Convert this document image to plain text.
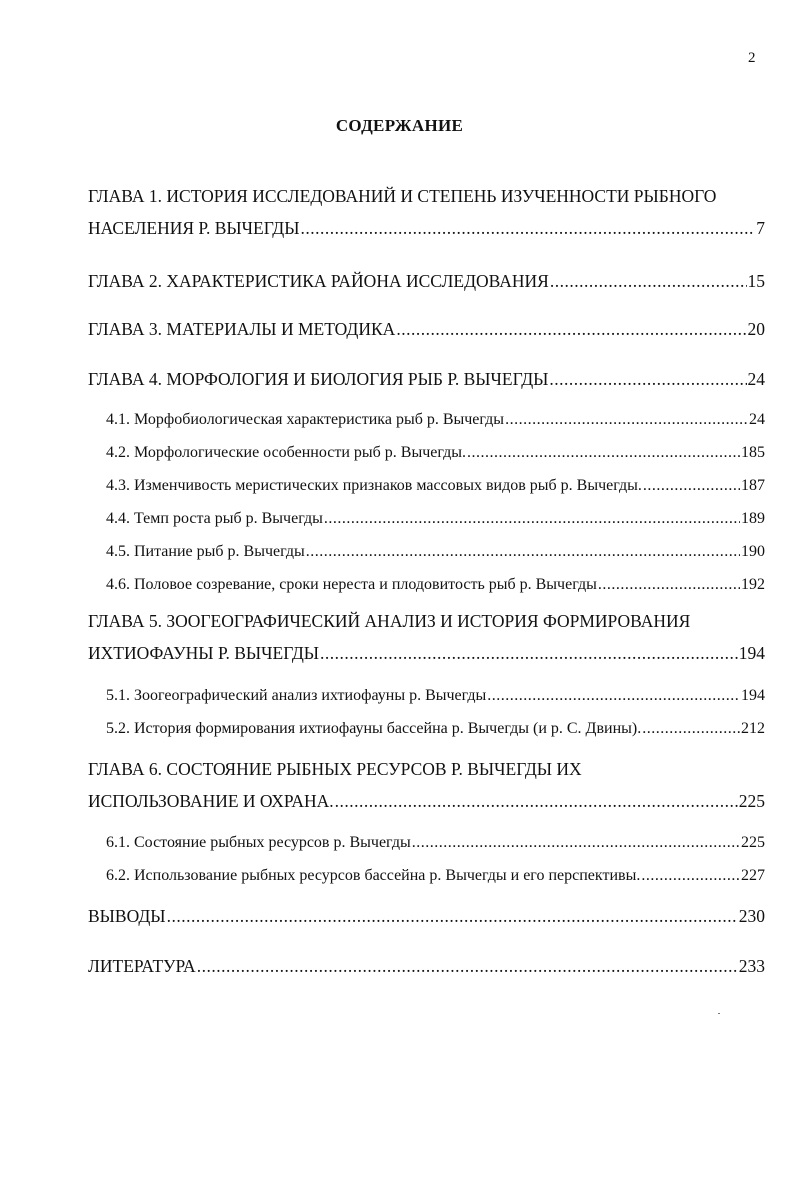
2
СОДЕРЖАНИЕ
ГЛАВА 1. ИСТОРИЯ ИССЛЕДОВАНИЙ И СТЕПЕНЬ ИЗУЧЕННОСТИ РЫБНОГО
НАСЕЛЕНИЯ Р. ВЫЧЕГДЫ .....	7
ГЛАВА 2. ХАРАКТЕРИСТИКА РАЙОНА ИССЛЕДОВАНИЯ .....	15
ГЛАВА 3. МАТЕРИАЛЫ И МЕТОДИКА .....	20
ГЛАВА 4. МОРФОЛОГИЯ И БИОЛОГИЯ РЫБ Р. ВЫЧЕГДЫ .....	24
4.1. Морфобиологическая характеристика рыб р. Вычегды .....	24
4.2. Морфологические особенности рыб р. Вычегды. .....	185
4.3. Изменчивость меристических признаков массовых видов рыб р. Вычегды. .....	187
4.4. Темп роста рыб р. Вычегды .....	189
4.5. Питание рыб р. Вычегды .....	190
4.6. Половое созревание, сроки нереста и плодовитость рыб р. Вычегды .....	192
ГЛАВА 5. ЗООГЕОГРАФИЧЕСКИЙ АНАЛИЗ И ИСТОРИЯ ФОРМИРОВАНИЯ
ИХТИОФАУНЫ Р. ВЫЧЕГДЫ .....	194
5.1. Зоогеографический анализ ихтиофауны р. Вычегды .....	194
5.2. История формирования ихтиофауны бассейна р. Вычегды (и р. С. Двины). .....	212
ГЛАВА 6. СОСТОЯНИЕ РЫБНЫХ РЕСУРСОВ Р. ВЫЧЕГДЫ ИХ
ИСПОЛЬЗОВАНИЕ И ОХРАНА. .....	225
6.1. Состояние рыбных ресурсов р. Вычегды .....	225
6.2. Использование рыбных ресурсов бассейна р. Вычегды и его перспективы. .....	227
ВЫВОДЫ .....	230
ЛИТЕРАТУРА .....	233
